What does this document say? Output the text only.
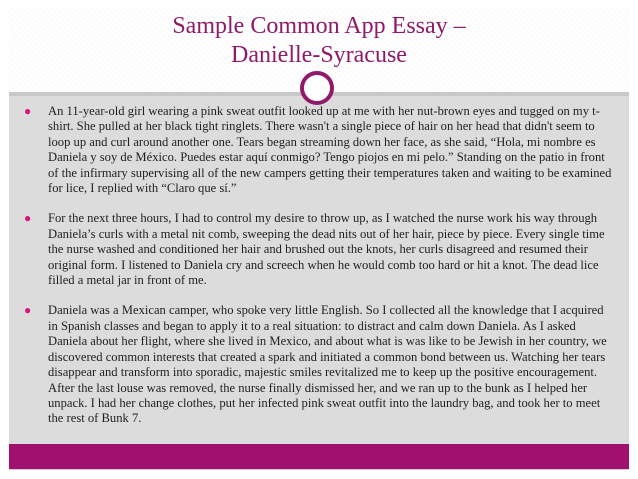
Sample Common App Essay –
Danielle-Syracuse
● An 11-year-old girl wearing a pink sweat outfit looked up at me with her nut-brown eyes and tugged on my t-shirt. She pulled at her black tight ringlets. There wasn't a single piece of hair on her head that didn't seem to loop up and curl around another one. Tears began streaming down her face, as she said, “Hola, mi nombre es Daniela y soy de México. Puedes estar aquí conmigo? Tengo piojos en mi pelo.” Standing on the patio in front of the infirmary supervising all of the new campers getting their temperatures taken and waiting to be examined for lice, I replied with “Claro que sí.”
● For the next three hours, I had to control my desire to throw up, as I watched the nurse work his way through Daniela’s curls with a metal nit comb, sweeping the dead nits out of her hair, piece by piece. Every single time the nurse washed and conditioned her hair and brushed out the knots, her curls disagreed and resumed their original form. I listened to Daniela cry and screech when he would comb too hard or hit a knot. The dead lice filled a metal jar in front of me.
● Daniela was a Mexican camper, who spoke very little English. So I collected all the knowledge that I acquired in Spanish classes and began to apply it to a real situation: to distract and calm down Daniela. As I asked Daniela about her flight, where she lived in Mexico, and about what is was like to be Jewish in her country, we discovered common interests that created a spark and initiated a common bond between us. Watching her tears disappear and transform into sporadic, majestic smiles revitalized me to keep up the positive encouragement. After the last louse was removed, the nurse finally dismissed her, and we ran up to the bunk as I helped her unpack. I had her change clothes, put her infected pink sweat outfit into the laundry bag, and took her to meet the rest of Bunk 7.
